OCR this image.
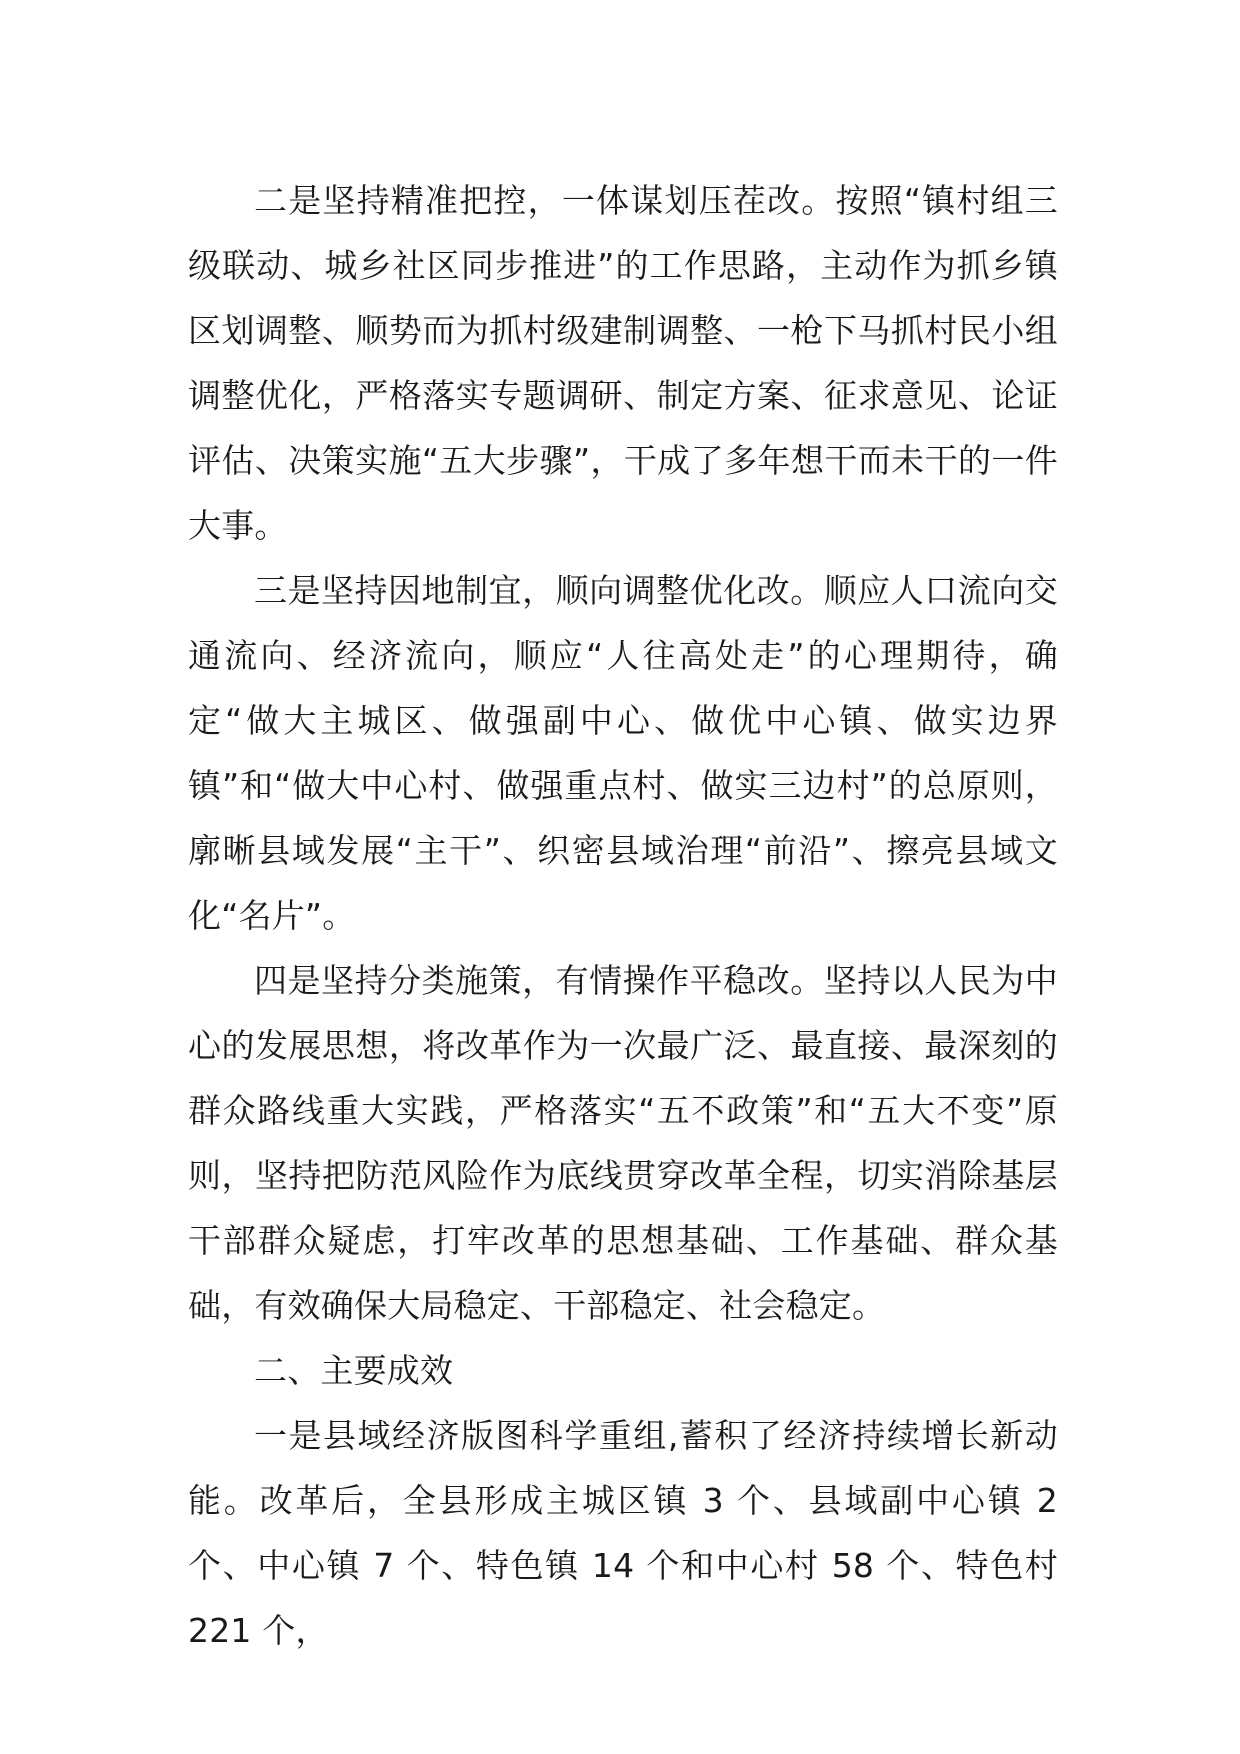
二是坚持精准把控，一体谋划压茬改。按照“镇村组三级联动、城乡社区同步推进”的工作思路，主动作为抓乡镇区划调整、顺势而为抓村级建制调整、一枪下马抓村民小组调整优化，严格落实专题调研、制定方案、征求意见、论证评估、决策实施“五大步骤”，干成了多年想干而未干的一件大事。

三是坚持因地制宜，顺向调整优化改。顺应人口流向交通流向、经济流向，顺应“人往高处走”的心理期待，确定“做大主城区、做强副中心、做优中心镇、做实边界镇”和“做大中心村、做强重点村、做实三边村”的总原则，廓晰县域发展“主干”、织密县域治理“前沿”、擦亮县域文化“名片”。

四是坚持分类施策，有情操作平稳改。坚持以人民为中心的发展思想，将改革作为一次最广泛、最直接、最深刻的群众路线重大实践，严格落实“五不政策”和“五大不变”原则，坚持把防范风险作为底线贯穿改革全程，切实消除基层干部群众疑虑，打牢改革的思想基础、工作基础、群众基础，有效确保大局稳定、干部稳定、社会稳定。

二、主要成效

一是县域经济版图科学重组,蓄积了经济持续增长新动能。改革后，全县形成主城区镇 3 个、县域副中心镇 2 个、中心镇 7 个、特色镇 14 个和中心村 58 个、特色村 221 个，
